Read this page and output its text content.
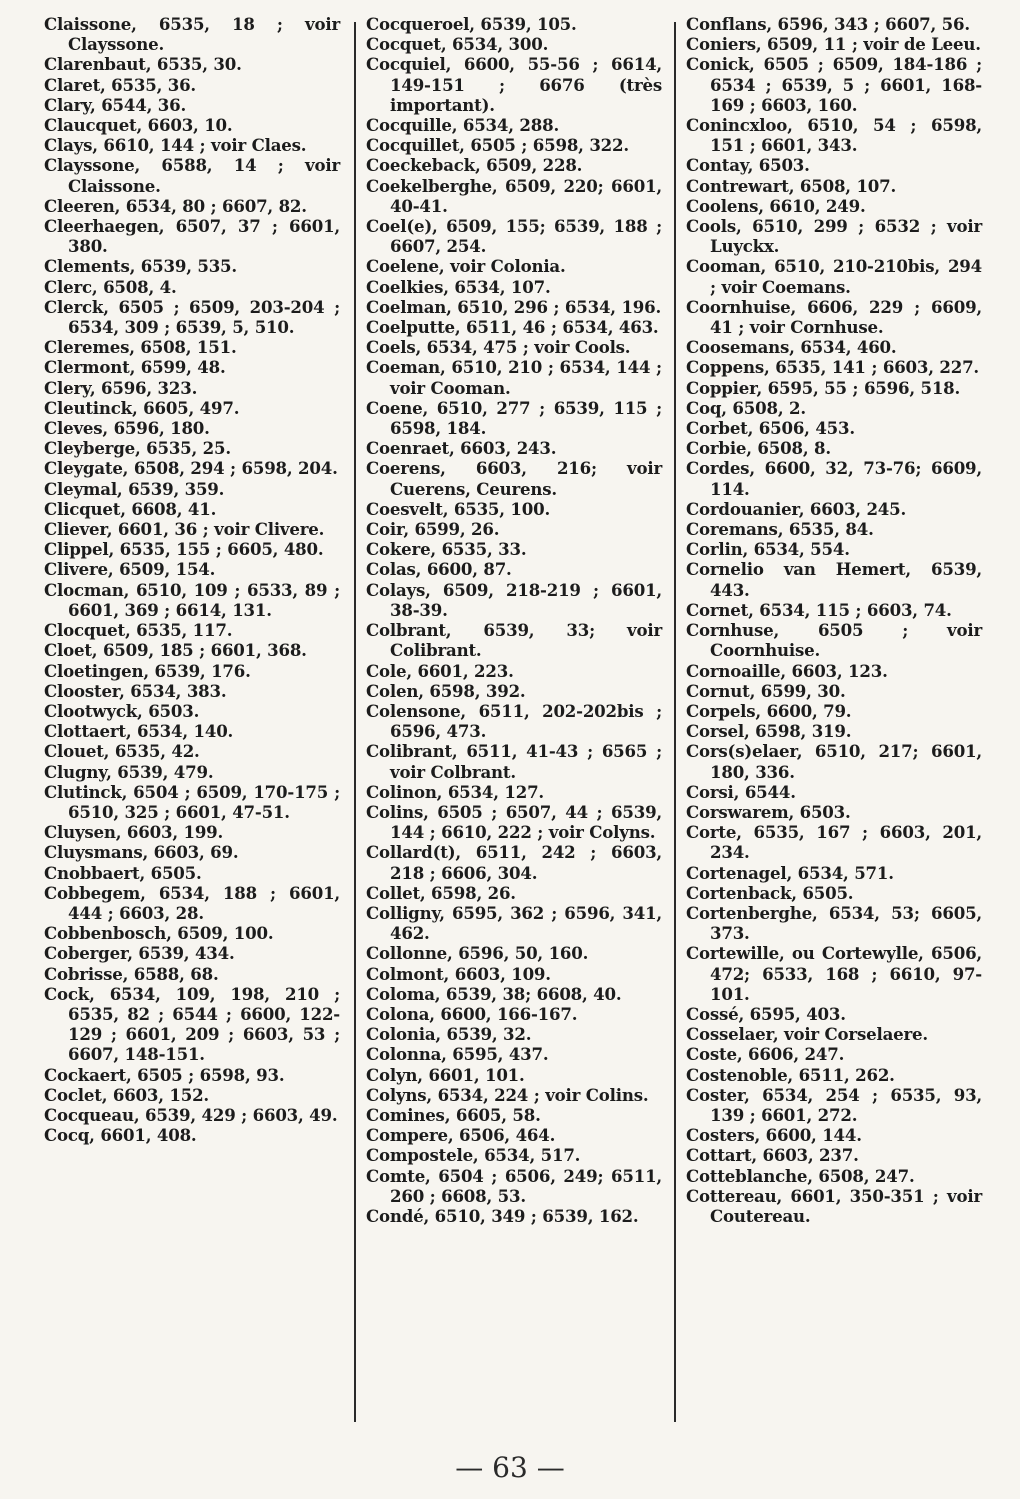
Claissone, 6535, 18 ; voir Clayssone.

Clarenbaut, 6535, 30.

Claret, 6535, 36.

Clary, 6544, 36.

Claucquet, 6603, 10.

Clays, 6610, 144 ; voir Claes.

Clayssone, 6588, 14 ; voir Claissone.

Cleeren, 6534, 80 ; 6607, 82.

Cleerhaegen, 6507, 37 ; 6601, 380.

Clements, 6539, 535.

Clerc, 6508, 4.

Clerck, 6505 ; 6509, 203-204 ; 6534, 309 ; 6539, 5, 510.

Cleremes, 6508, 151.

Clermont, 6599, 48.

Clery, 6596, 323.

Cleutinck, 6605, 497.

Cleves, 6596, 180.

Cleyberge, 6535, 25.

Cleygate, 6508, 294 ; 6598, 204.

Cleymal, 6539, 359.

Clicquet, 6608, 41.

Cliever, 6601, 36 ; voir Clivere.

Clippel, 6535, 155 ; 6605, 480.

Clivere, 6509, 154.

Clocman, 6510, 109 ; 6533, 89 ; 6601, 369 ; 6614, 131.

Clocquet, 6535, 117.

Cloet, 6509, 185 ; 6601, 368.

Cloetingen, 6539, 176.

Clooster, 6534, 383.

Clootwyck, 6503.

Clottaert, 6534, 140.

Clouet, 6535, 42.

Clugny, 6539, 479.

Clutinck, 6504 ; 6509, 170-175 ; 6510, 325 ; 6601, 47-51.

Cluysen, 6603, 199.

Cluysmans, 6603, 69.

Cnobbaert, 6505.

Cobbegem, 6534, 188 ; 6601, 444 ; 6603, 28.

Cobbenbosch, 6509, 100.

Coberger, 6539, 434.

Cobrisse, 6588, 68.

Cock, 6534, 109, 198, 210 ; 6535, 82 ; 6544 ; 6600, 122-129 ; 6601, 209 ; 6603, 53 ; 6607, 148-151.

Cockaert, 6505 ; 6598, 93.

Coclet, 6603, 152.

Cocqueau, 6539, 429 ; 6603, 49.

Cocq, 6601, 408.

Cocqueroel, 6539, 105.

Cocquet, 6534, 300.

Cocquiel, 6600, 55-56 ; 6614, 149-151 ; 6676 (très important).

Cocquille, 6534, 288.

Cocquillet, 6505 ; 6598, 322.

Coeckeback, 6509, 228.

Coekelberghe, 6509, 220; 6601, 40-41.

Coel(e), 6509, 155; 6539, 188 ; 6607, 254.

Coelene, voir Colonia.

Coelkies, 6534, 107.

Coelman, 6510, 296 ; 6534, 196.

Coelputte, 6511, 46 ; 6534, 463.

Coels, 6534, 475 ; voir Cools.

Coeman, 6510, 210 ; 6534, 144 ; voir Cooman.

Coene, 6510, 277 ; 6539, 115 ; 6598, 184.

Coenraet, 6603, 243.

Coerens, 6603, 216; voir Cuerens, Ceurens.

Coesvelt, 6535, 100.

Coir, 6599, 26.

Cokere, 6535, 33.

Colas, 6600, 87.

Colays, 6509, 218-219 ; 6601, 38-39.

Colbrant, 6539, 33; voir Colibrant.

Cole, 6601, 223.

Colen, 6598, 392.

Colensone, 6511, 202-202bis ; 6596, 473.

Colibrant, 6511, 41-43 ; 6565 ; voir Colbrant.

Colinon, 6534, 127.

Colins, 6505 ; 6507, 44 ; 6539, 144 ; 6610, 222 ; voir Colyns.

Collard(t), 6511, 242 ; 6603, 218 ; 6606, 304.

Collet, 6598, 26.

Colligny, 6595, 362 ; 6596, 341, 462.

Collonne, 6596, 50, 160.

Colmont, 6603, 109.

Coloma, 6539, 38; 6608, 40.

Colona, 6600, 166-167.

Colonia, 6539, 32.

Colonna, 6595, 437.

Colyn, 6601, 101.

Colyns, 6534, 224 ; voir Colins.

Comines, 6605, 58.

Compere, 6506, 464.

Compostele, 6534, 517.

Comte, 6504 ; 6506, 249; 6511, 260 ; 6608, 53.

Condé, 6510, 349 ; 6539, 162.

Conflans, 6596, 343 ; 6607, 56.

Coniers, 6509, 11 ; voir de Leeu.

Conick, 6505 ; 6509, 184-186 ; 6534 ; 6539, 5 ; 6601, 168-169 ; 6603, 160.

Conincxloo, 6510, 54 ; 6598, 151 ; 6601, 343.

Contay, 6503.

Contrewart, 6508, 107.

Coolens, 6610, 249.

Cools, 6510, 299 ; 6532 ; voir Luyckx.

Cooman, 6510, 210-210bis, 294 ; voir Coemans.

Coornhuise, 6606, 229 ; 6609, 41 ; voir Cornhuse.

Coosemans, 6534, 460.

Coppens, 6535, 141 ; 6603, 227.

Coppier, 6595, 55 ; 6596, 518.

Coq, 6508, 2.

Corbet, 6506, 453.

Corbie, 6508, 8.

Cordes, 6600, 32, 73-76; 6609, 114.

Cordouanier, 6603, 245.

Coremans, 6535, 84.

Corlin, 6534, 554.

Cornelio van Hemert, 6539, 443.

Cornet, 6534, 115 ; 6603, 74.

Cornhuse, 6505 ; voir Coornhuise.

Cornoaille, 6603, 123.

Cornut, 6599, 30.

Corpels, 6600, 79.

Corsel, 6598, 319.

Cors(s)elaer, 6510, 217; 6601, 180, 336.

Corsi, 6544.

Corswarem, 6503.

Corte, 6535, 167 ; 6603, 201, 234.

Cortenagel, 6534, 571.

Cortenback, 6505.

Cortenberghe, 6534, 53; 6605, 373.

Cortewille, ou Cortewylle, 6506, 472; 6533, 168 ; 6610, 97-101.

Cossé, 6595, 403.

Cosselaer, voir Corselaere.

Coste, 6606, 247.

Costenoble, 6511, 262.

Coster, 6534, 254 ; 6535, 93, 139 ; 6601, 272.

Costers, 6600, 144.

Cottart, 6603, 237.

Cotteblanche, 6508, 247.

Cottereau, 6601, 350-351 ; voir Coutereau.

— 63 —
